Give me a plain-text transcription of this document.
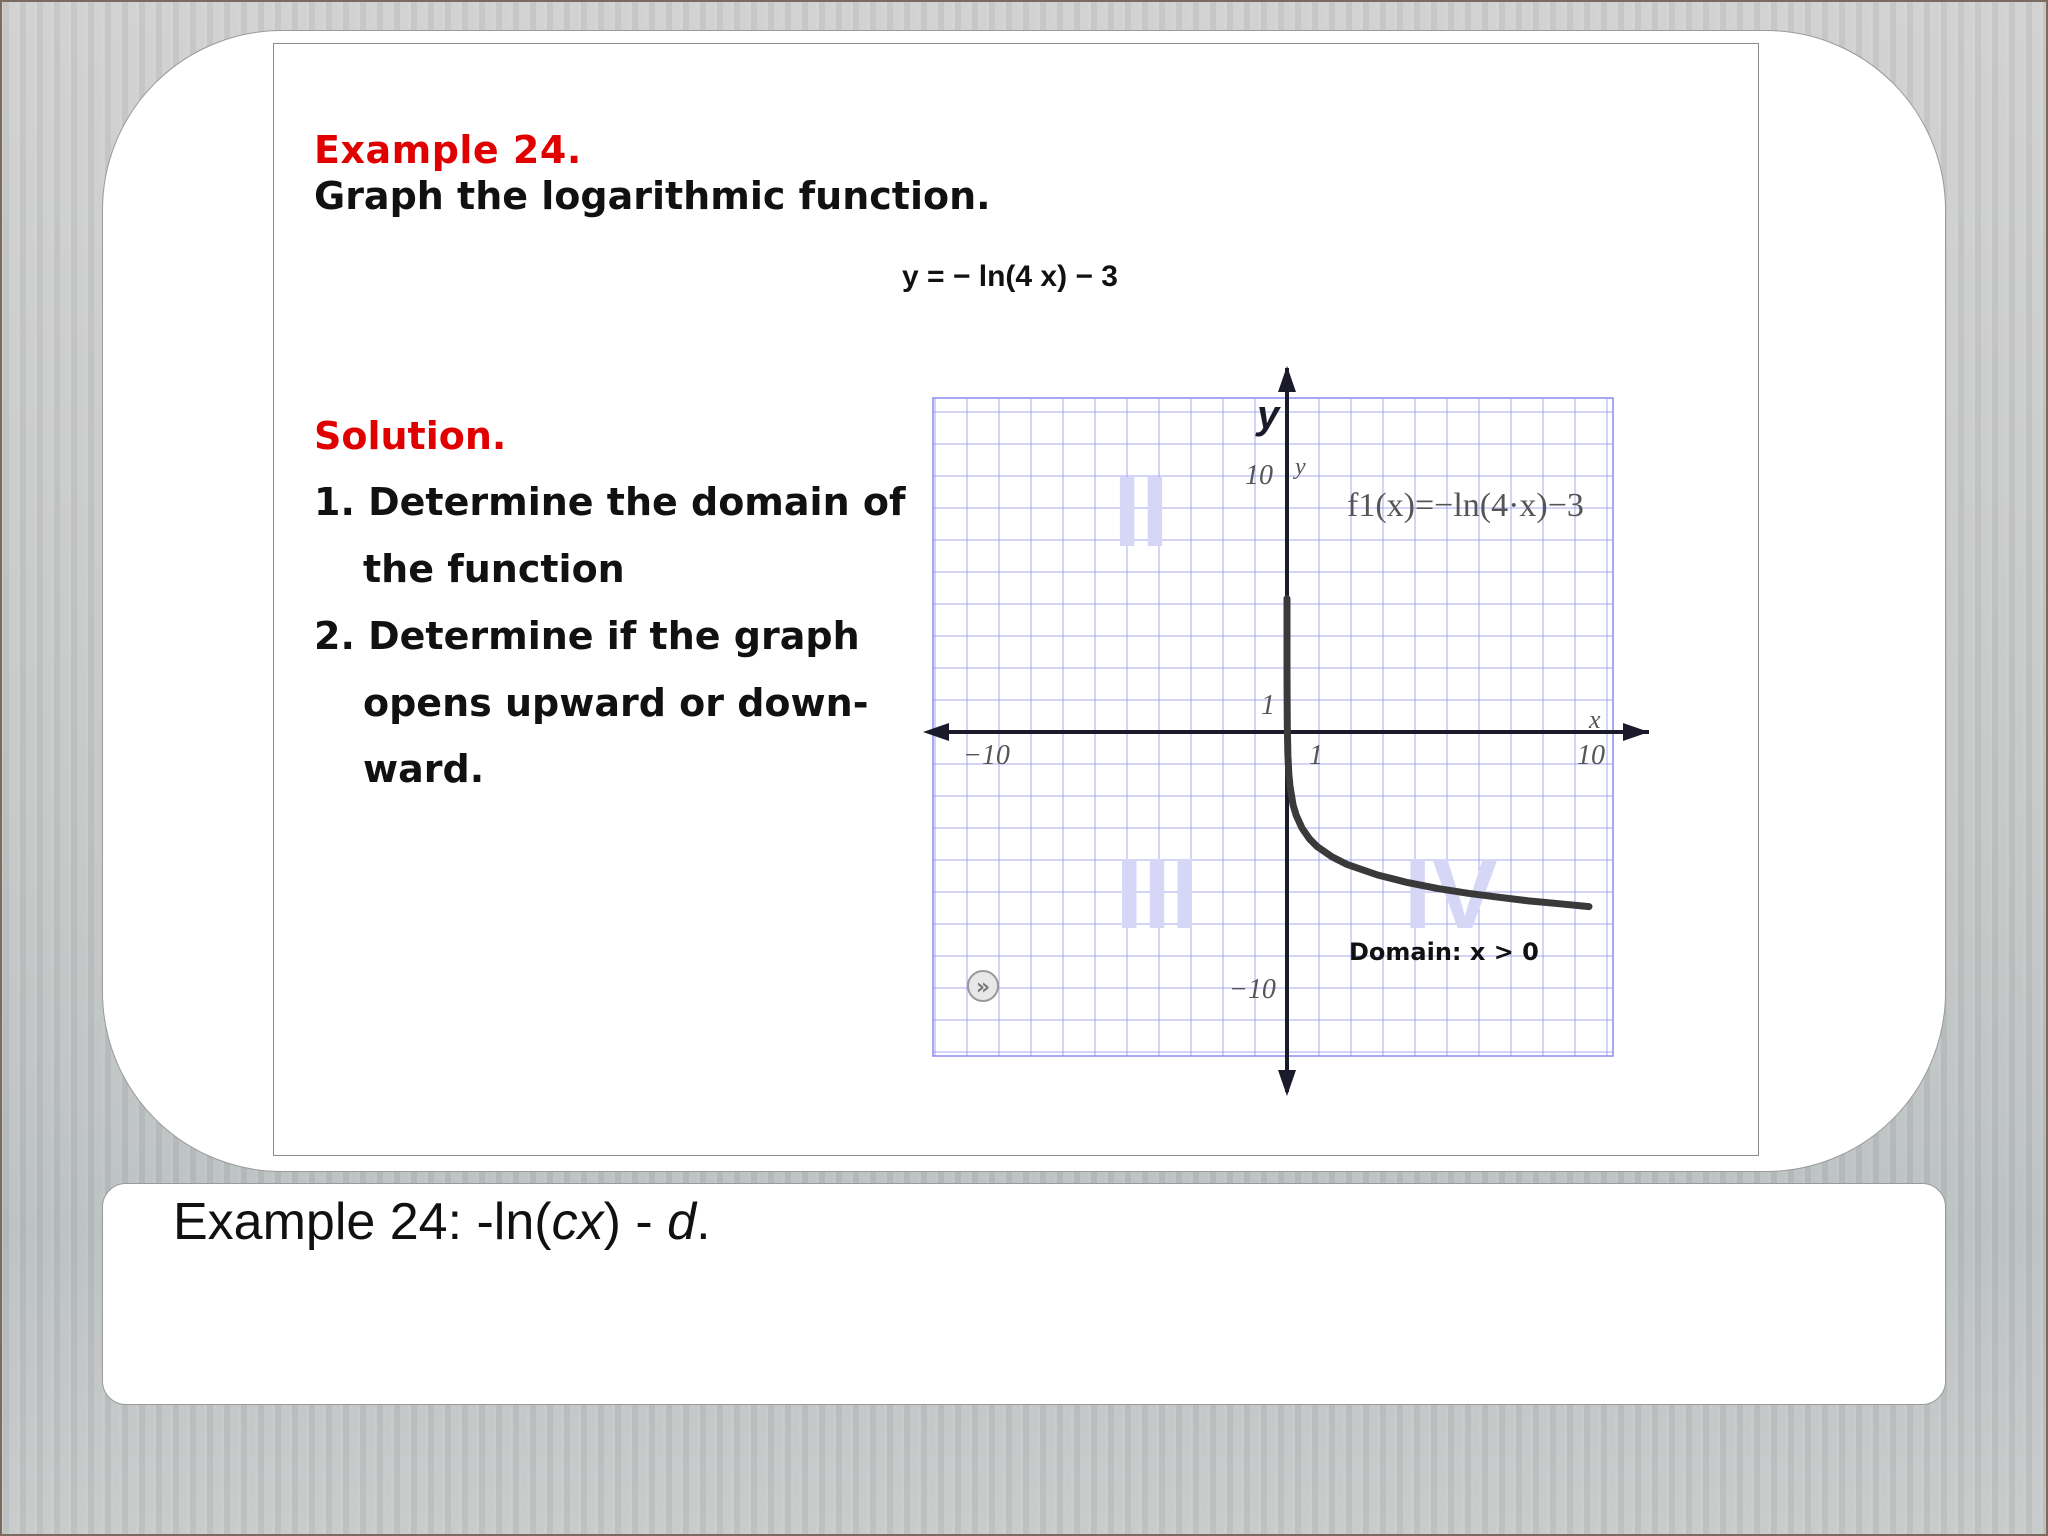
Example 24.
Graph the logarithmic function.
y = − ln(4 x) − 3
Solution.
1. Determine the domain of
the function
2. Determine if the graph
opens upward or down-
ward.
II
III IV
y
y
x
10
1
−10	1	10
−10
f1(x)=−ln(4·x)−3
Domain: x > 0
»
Example 24: -ln(cx) - d.
